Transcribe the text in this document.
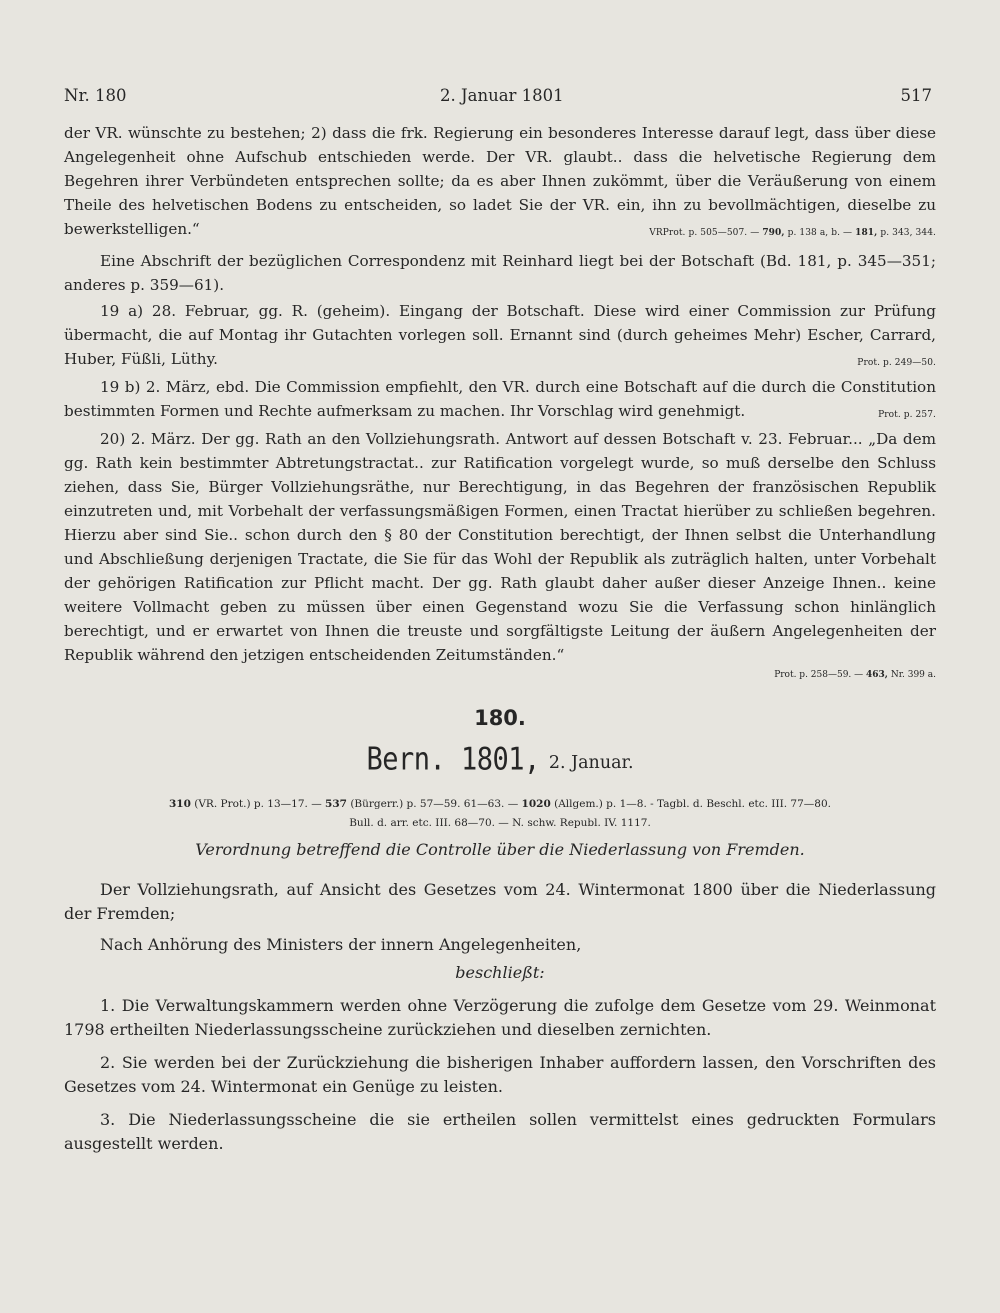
Nr. 180	2. Januar 1801	517

der VR. wünschte zu bestehen; 2) dass die frk. Regierung ein besonderes Interesse darauf legt, dass über diese Angelegenheit ohne Aufschub entschieden werde. Der VR. glaubt.. dass die helvetische Regierung dem Begehren ihrer Verbündeten entsprechen sollte; da es aber Ihnen zukömmt, über die Veräußerung von einem Theile des helvetischen Bodens zu entscheiden, so ladet Sie der VR. ein, ihn zu bevollmächtigen, dieselbe zu bewerkstelligen.“	VRProt. p. 505—507. — 790, p. 138 a, b. — 181, p. 343, 344.

Eine Abschrift der bezüglichen Correspondenz mit Reinhard liegt bei der Botschaft (Bd. 181, p. 345—351; anderes p. 359—61).

19 a) 28. Februar, gg. R. (geheim). Eingang der Botschaft. Diese wird einer Commission zur Prüfung übermacht, die auf Montag ihr Gutachten vorlegen soll. Ernannt sind (durch geheimes Mehr) Escher, Carrard, Huber, Füßli, Lüthy.	Prot. p. 249—50.

19 b) 2. März, ebd. Die Commission empfiehlt, den VR. durch eine Botschaft auf die durch die Constitution bestimmten Formen und Rechte aufmerksam zu machen. Ihr Vorschlag wird genehmigt.	Prot. p. 257.

20) 2. März. Der gg. Rath an den Vollziehungsrath. Antwort auf dessen Botschaft v. 23. Februar... „Da dem gg. Rath kein bestimmter Abtretungstractat.. zur Ratification vorgelegt wurde, so muß derselbe den Schluss ziehen, dass Sie, Bürger Vollziehungsräthe, nur Berechtigung, in das Begehren der französischen Republik einzutreten und, mit Vorbehalt der verfassungsmäßigen Formen, einen Tractat hierüber zu schließen begehren. Hierzu aber sind Sie.. schon durch den § 80 der Constitution berechtigt, der Ihnen selbst die Unterhandlung und Abschließung derjenigen Tractate, die Sie für das Wohl der Republik als zuträglich halten, unter Vorbehalt der gehörigen Ratification zur Pflicht macht. Der gg. Rath glaubt daher außer dieser Anzeige Ihnen.. keine weitere Vollmacht geben zu müssen über einen Gegenstand wozu Sie die Verfassung schon hinlänglich berechtigt, und er erwartet von Ihnen die treuste und sorgfältigste Leitung der äußern Angelegenheiten der Republik während den jetzigen entscheidenden Zeitumständen.“

Prot. p. 258—59. — 463, Nr. 399 a.
180.
Bern. 1801, 2. Januar.
310 (VR. Prot.) p. 13—17. — 537 (Bürgerr.) p. 57—59. 61—63. — 1020 (Allgem.) p. 1—8. - Tagbl. d. Beschl. etc. III. 77—80.
Bull. d. arr. etc. III. 68—70. — N. schw. Republ. IV. 1117.
Verordnung betreffend die Controlle über die Niederlassung von Fremden.

Der Vollziehungsrath, auf Ansicht des Gesetzes vom 24. Wintermonat 1800 über die Niederlassung der Fremden;

Nach Anhörung des Ministers der innern Angelegenheiten,

beschließt:

1. Die Verwaltungskammern werden ohne Verzögerung die zufolge dem Gesetze vom 29. Weinmonat 1798 ertheilten Niederlassungsscheine zurückziehen und dieselben zernichten.

2. Sie werden bei der Zurückziehung die bisherigen Inhaber auffordern lassen, den Vorschriften des Gesetzes vom 24. Wintermonat ein Genüge zu leisten.

3. Die Niederlassungsscheine die sie ertheilen sollen vermittelst eines gedruckten Formulars ausgestellt werden.
